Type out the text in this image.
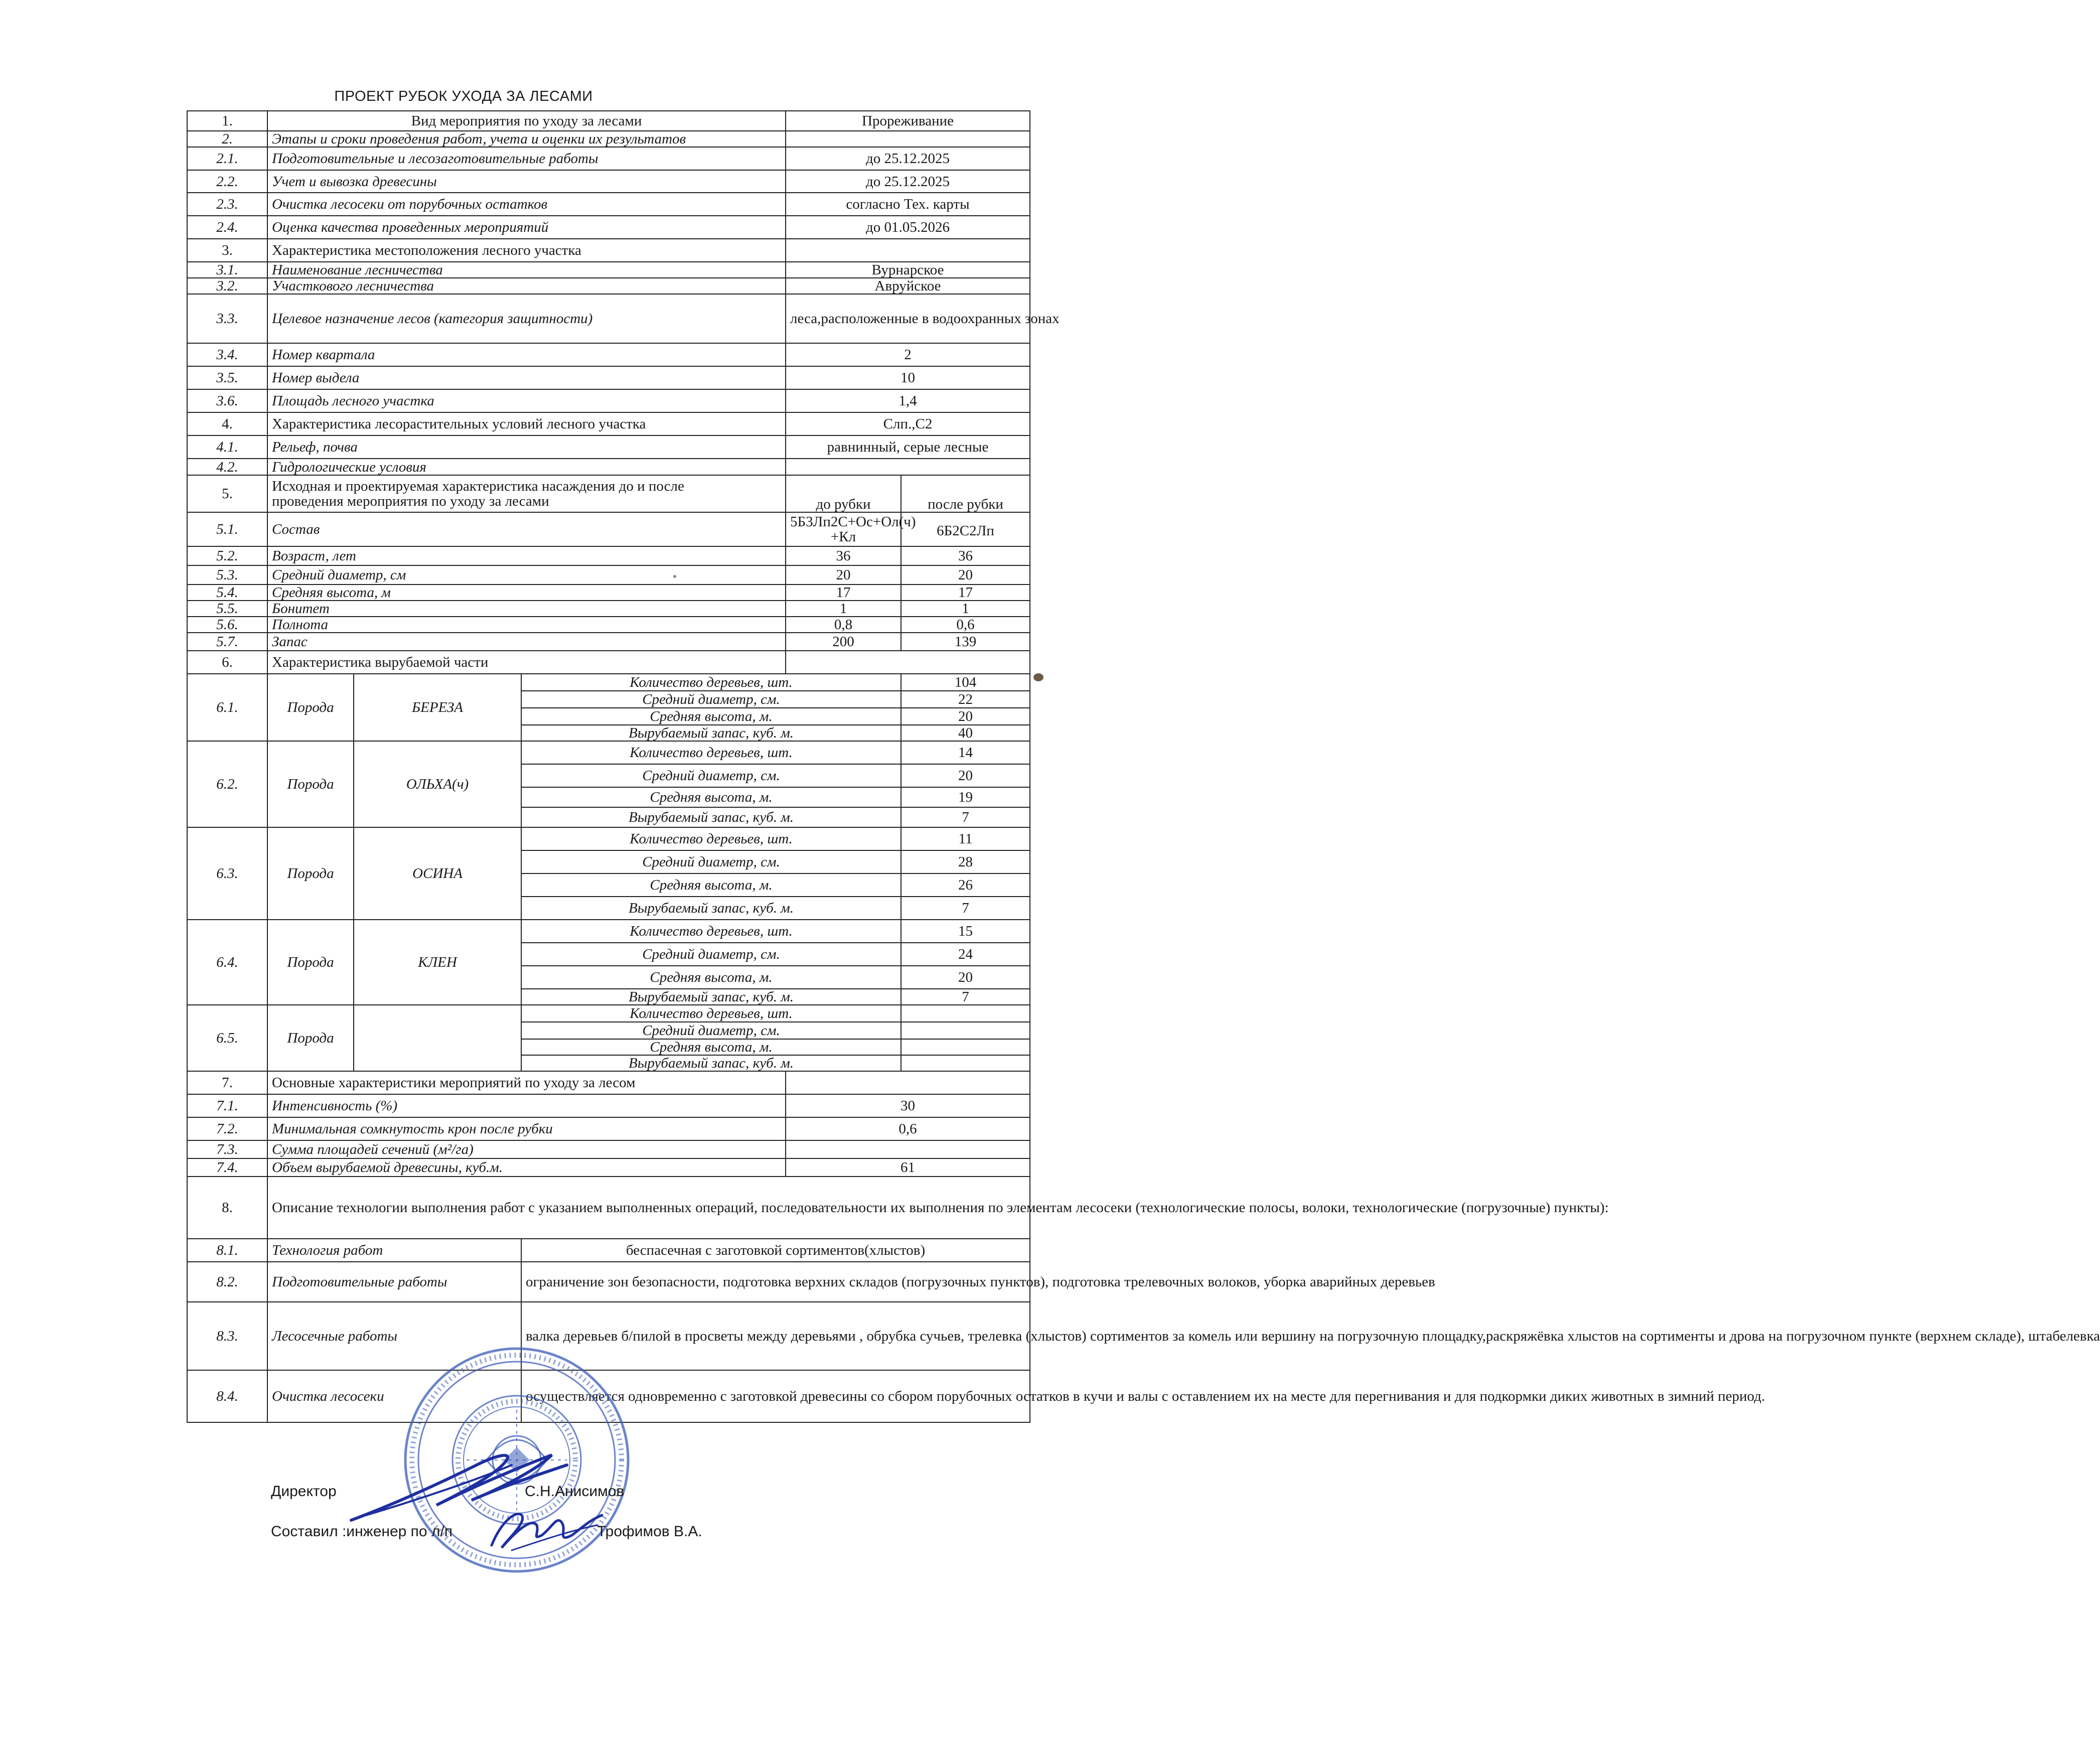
ПРОЕКТ РУБОК УХОДА ЗА ЛЕСАМИ
1.	Вид мероприятия по уходу за лесами			Прореживание	
2.	Этапы и сроки проведения работ, учета и оценки их результатов				
2.1.	Подготовительные и лесозаготовительные работы			до 25.12.2025	
2.2.	Учет и вывозка древесины			до 25.12.2025	
2.3.	Очистка лесосеки от порубочных остатков			согласно Тех. карты	
2.4.	Оценка качества проведенных мероприятий			до 01.05.2026	
3.	Характеристика местоположения лесного участка				
3.1.	Наименование лесничества			Вурнарское	
3.2.	Участкового лесничества			Авруйское	
3.3.	Целевое назначение лесов (категория защитности)			леса,расположенные в водоохранных зонах	
3.4.	Номер квартала			2	
3.5.	Номер выдела			10	
3.6.	Площадь лесного участка			1,4	
4.	Характеристика лесорастительных условий лесного участка			Слп.,С2	
4.1.	Рельеф, почва			равнинный, серые лесные	
4.2.	Гидрологические условия				
5.	Исходная и проектируемая характеристика насаждения до и после
проведения мероприятия по уходу за лесами			до рубки	после рубки
5.1.	Состав			5Б3Лп2С+Ос+Ол(ч)
+Кл	6Б2С2Лп
5.2.	Возраст, лет			36	36
5.3.	Средний диаметр, см			20	20
5.4.	Средняя высота, м			17	17
5.5.	Бонитет			1	1
5.6.	Полнота			0,8	0,6
5.7.	Запас			200	139
6.	Характеристика вырубаемой части				
6.1.	Порода	БЕРЕЗА	Количество деревьев, шт.		104
			Средний диаметр, см.		22
			Средняя высота, м.		20
			Вырубаемый запас, куб. м.		40
6.2.	Порода	ОЛЬХА(ч)	Количество деревьев, шт.		14
			Средний диаметр, см.		20
			Средняя высота, м.		19
			Вырубаемый запас, куб. м.		7
6.3.	Порода	ОСИНА	Количество деревьев, шт.		11
			Средний диаметр, см.		28
			Средняя высота, м.		26
			Вырубаемый запас, куб. м.		7
6.4.	Порода	КЛЕН	Количество деревьев, шт.		15
			Средний диаметр, см.		24
			Средняя высота, м.		20
			Вырубаемый запас, куб. м.		7
6.5.	Порода		Количество деревьев, шт.		
			Средний диаметр, см.		
			Средняя высота, м.		
			Вырубаемый запас, куб. м.		
7.	Основные характеристики мероприятий по уходу за лесом				
7.1.	Интенсивность (%)			30	
7.2.	Минимальная сомкнутость крон после рубки			0,6	
7.3.	Сумма площадей сечений (м²/га)				
7.4.	Объем вырубаемой древесины, куб.м.			61	
8.	Описание технологии выполнения работ с указанием выполненных операций, последовательности их выполнения по элементам лесосеки (технологические полосы, волоки, технологические (погрузочные) пункты):				
8.1.	Технология работ		беспасечная с заготовкой сортиментов(хлыстов)		
8.2.	Подготовительные работы		ограничение зон безопасности, подготовка верхних складов (погрузочных пунктов), подготовка трелевочных волоков, уборка аварийных деревьев		
8.3.	Лесосечные работы		валка деревьев б/пилой в просветы между деревьями , обрубка сучьев, трелевка (хлыстов) сортиментов за комель или вершину на погрузочную площадку,раскряжёвка хлыстов на сортименты и дрова на погрузочном пункте (верхнем складе), штабелевка		
8.4.	Очистка лесосеки		осуществляется одновременно с заготовкой древесины со сбором порубочных остатков в кучи и валы с оставлением их на месте для перегнивания и для подкормки диких животных в зимний период.		
Директор	С.Н.Анисимов
Составил :инженер по л/п	Трофимов В.А.
